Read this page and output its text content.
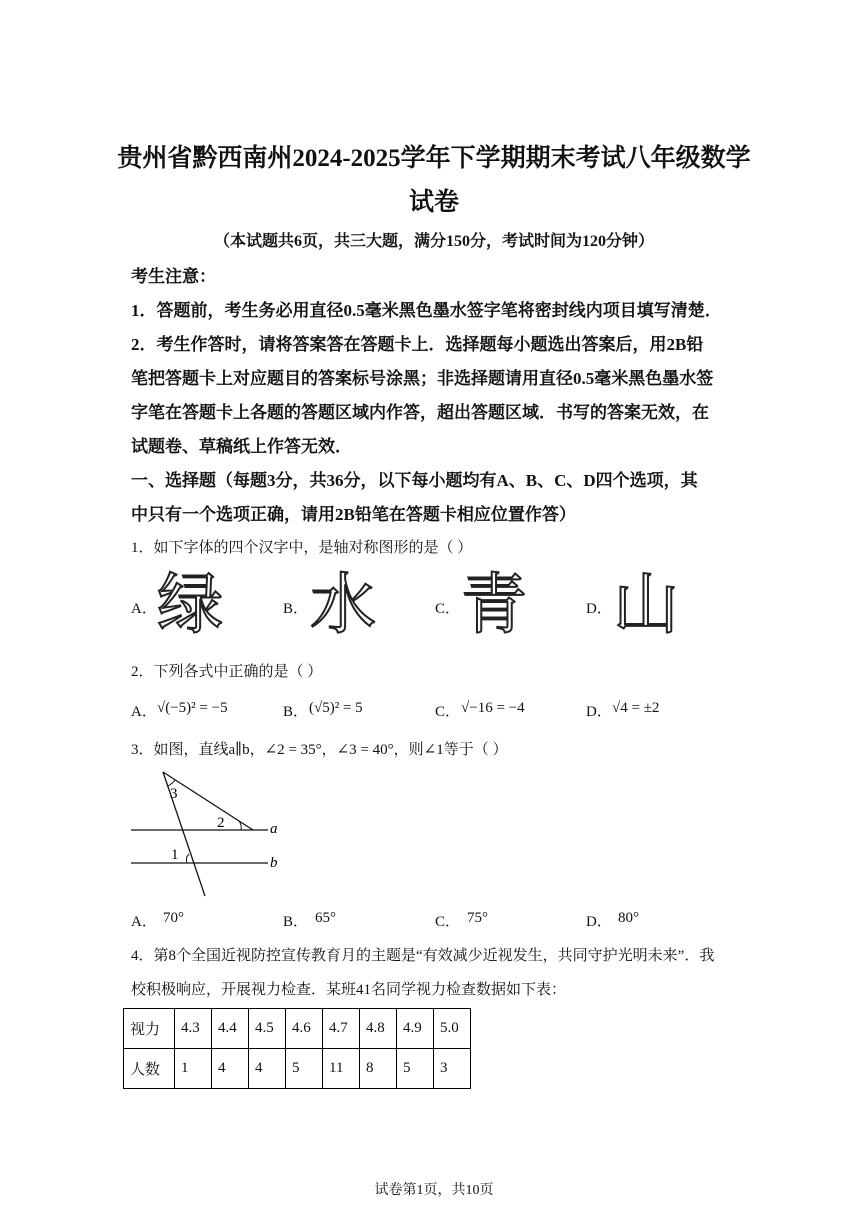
贵州省黔西南州2024-2025学年下学期期末考试八年级数学
试卷
（本试题共6页，共三大题，满分150分，考试时间为120分钟）
考生注意：
1．答题前，考生务必用直径0.5毫米黑色墨水签字笔将密封线内项目填写清楚．
2．考生作答时，请将答案答在答题卡上．选择题每小题选出答案后，用2B铅
笔把答题卡上对应题目的答案标号涂黑；非选择题请用直径0.5毫米黑色墨水签
字笔在答题卡上各题的答题区域内作答，超出答题区域．书写的答案无效，在
试题卷、草稿纸上作答无效．
一、选择题（每题3分，共36分，以下每小题均有A、B、C、D四个选项，其
中只有一个选项正确，请用2B铅笔在答题卡相应位置作答）
1．如下字体的四个汉字中，是轴对称图形的是（ ）
A． 绿	B． 水	C． 青	D． 山
2．下列各式中正确的是（ ）
A． √(−5)² = −5	B． (√5)² = 5	C． √−16 = −4	D． √4 = ±2
3．如图，直线a∥b，∠2 = 35°，∠3 = 40°，则∠1等于（ ）
3
2
1
a
b
A． 70°	B． 65°	C． 75°	D． 80°
4．第8个全国近视防控宣传教育月的主题是“有效减少近视发生，共同守护光明未来”．我
校积极响应，开展视力检查．某班41名同学视力检查数据如下表：
视力	4.3	4.4	4.5	4.6	4.7	4.8	4.9	5.0
人数	1	4	4	5	11	8	5	3
试卷第1页，共10页
